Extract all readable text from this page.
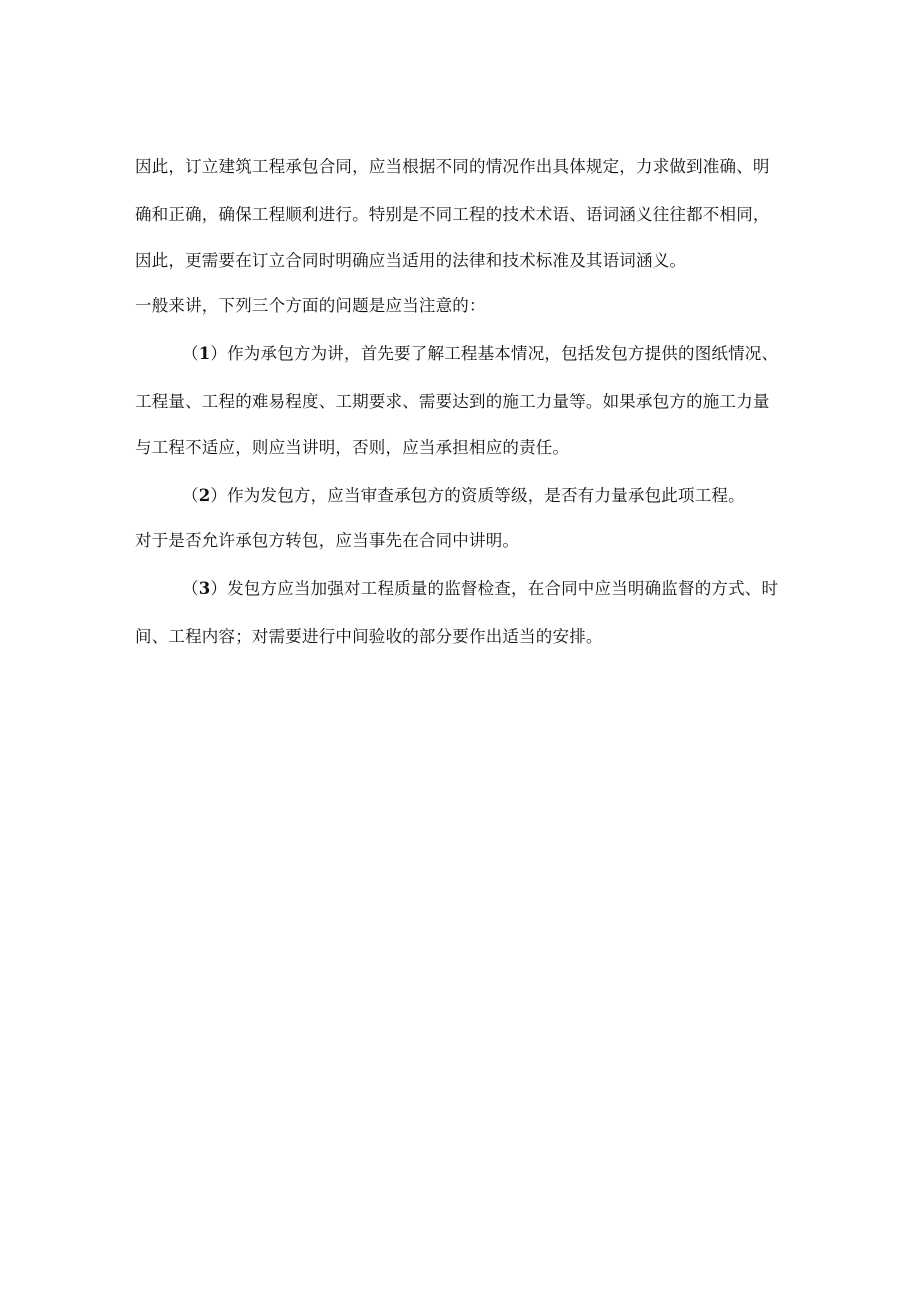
因此，订立建筑工程承包合同，应当根据不同的情况作出具体规定，力求做到准确、明

确和正确，确保工程顺利进行。特别是不同工程的技术术语、语词涵义往往都不相同，

因此，更需要在订立合同时明确应当适用的法律和技术标准及其语词涵义。

一般来讲，下列三个方面的问题是应当注意的：

（1）作为承包方为讲，首先要了解工程基本情况，包括发包方提供的图纸情况、

工程量、工程的难易程度、工期要求、需要达到的施工力量等。如果承包方的施工力量

与工程不适应，则应当讲明，否则，应当承担相应的责任。

（2）作为发包方，应当审查承包方的资质等级，是否有力量承包此项工程。

对于是否允许承包方转包，应当事先在合同中讲明。

（3）发包方应当加强对工程质量的监督检查，在合同中应当明确监督的方式、时

间、工程内容；对需要进行中间验收的部分要作出适当的安排。
